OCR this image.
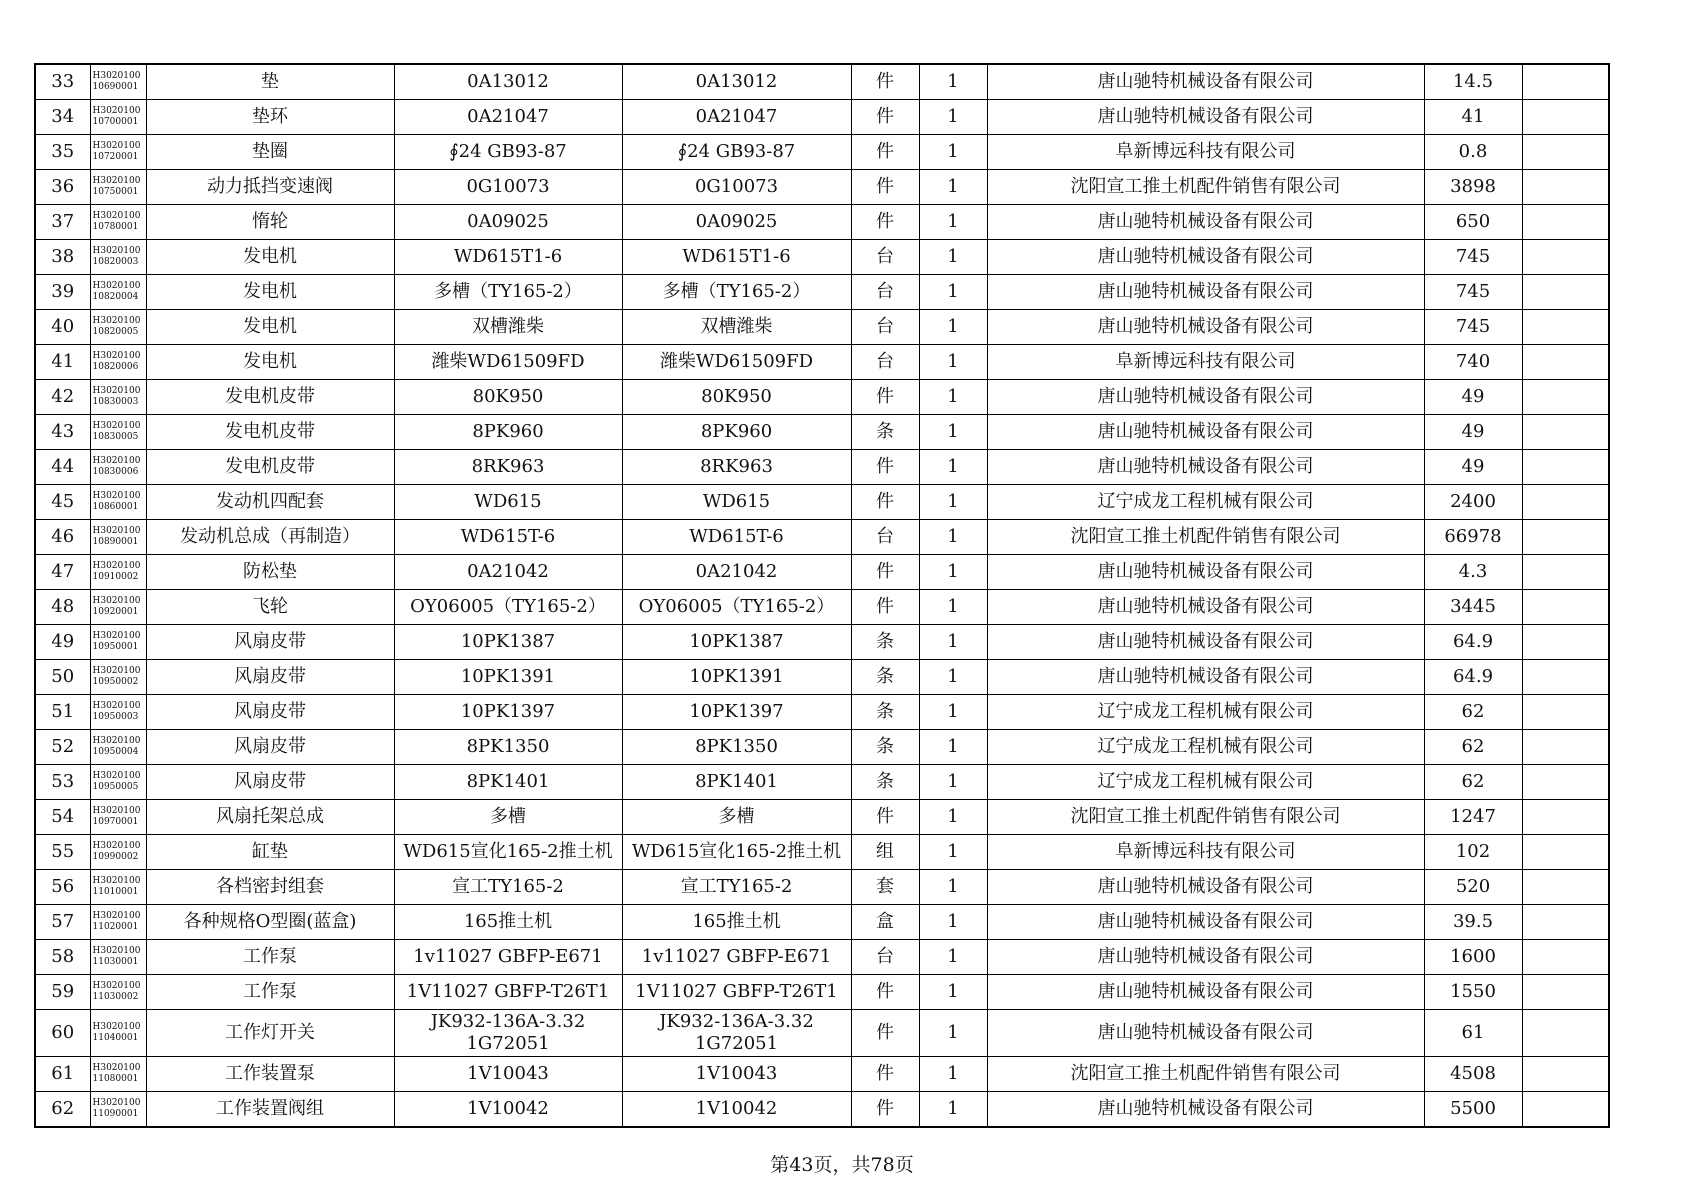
33	H302010010690001	垫	0A13012	0A13012	件	1	唐山驰特机械设备有限公司	14.5	
34	H302010010700001	垫环	0A21047	0A21047	件	1	唐山驰特机械设备有限公司	41	
35	H302010010720001	垫圈	∮24 GB93-87	∮24 GB93-87	件	1	阜新博远科技有限公司	0.8	
36	H302010010750001	动力抵挡变速阀	0G10073	0G10073	件	1	沈阳宣工推土机配件销售有限公司	3898	
37	H302010010780001	惰轮	0A09025	0A09025	件	1	唐山驰特机械设备有限公司	650	
38	H302010010820003	发电机	WD615T1-6	WD615T1-6	台	1	唐山驰特机械设备有限公司	745	
39	H302010010820004	发电机	多槽（TY165-2）	多槽（TY165-2）	台	1	唐山驰特机械设备有限公司	745	
40	H302010010820005	发电机	双槽潍柴	双槽潍柴	台	1	唐山驰特机械设备有限公司	745	
41	H302010010820006	发电机	潍柴WD61509FD	潍柴WD61509FD	台	1	阜新博远科技有限公司	740	
42	H302010010830003	发电机皮带	80K950	80K950	件	1	唐山驰特机械设备有限公司	49	
43	H302010010830005	发电机皮带	8PK960	8PK960	条	1	唐山驰特机械设备有限公司	49	
44	H302010010830006	发电机皮带	8RK963	8RK963	件	1	唐山驰特机械设备有限公司	49	
45	H302010010860001	发动机四配套	WD615	WD615	件	1	辽宁成龙工程机械有限公司	2400	
46	H302010010890001	发动机总成（再制造）	WD615T-6	WD615T-6	台	1	沈阳宣工推土机配件销售有限公司	66978	
47	H302010010910002	防松垫	0A21042	0A21042	件	1	唐山驰特机械设备有限公司	4.3	
48	H302010010920001	飞轮	OY06005（TY165-2）	OY06005（TY165-2）	件	1	唐山驰特机械设备有限公司	3445	
49	H302010010950001	风扇皮带	10PK1387	10PK1387	条	1	唐山驰特机械设备有限公司	64.9	
50	H302010010950002	风扇皮带	10PK1391	10PK1391	条	1	唐山驰特机械设备有限公司	64.9	
51	H302010010950003	风扇皮带	10PK1397	10PK1397	条	1	辽宁成龙工程机械有限公司	62	
52	H302010010950004	风扇皮带	8PK1350	8PK1350	条	1	辽宁成龙工程机械有限公司	62	
53	H302010010950005	风扇皮带	8PK1401	8PK1401	条	1	辽宁成龙工程机械有限公司	62	
54	H302010010970001	风扇托架总成	多槽	多槽	件	1	沈阳宣工推土机配件销售有限公司	1247	
55	H302010010990002	缸垫	WD615宣化165-2推土机	WD615宣化165-2推土机	组	1	阜新博远科技有限公司	102	
56	H302010011010001	各档密封组套	宣工TY165-2	宣工TY165-2	套	1	唐山驰特机械设备有限公司	520	
57	H302010011020001	各种规格O型圈(蓝盒)	165推土机	165推土机	盒	1	唐山驰特机械设备有限公司	39.5	
58	H302010011030001	工作泵	1v11027 GBFP-E671	1v11027 GBFP-E671	台	1	唐山驰特机械设备有限公司	1600	
59	H302010011030002	工作泵	1V11027 GBFP-T26T1	1V11027 GBFP-T26T1	件	1	唐山驰特机械设备有限公司	1550	
60	H302010011040001	工作灯开关	JK932-136A-3.32 1G72051	JK932-136A-3.32 1G72051	件	1	唐山驰特机械设备有限公司	61	
61	H302010011080001	工作装置泵	1V10043	1V10043	件	1	沈阳宣工推土机配件销售有限公司	4508	
62	H302010011090001	工作装置阀组	1V10042	1V10042	件	1	唐山驰特机械设备有限公司	5500	
第43页，共78页
